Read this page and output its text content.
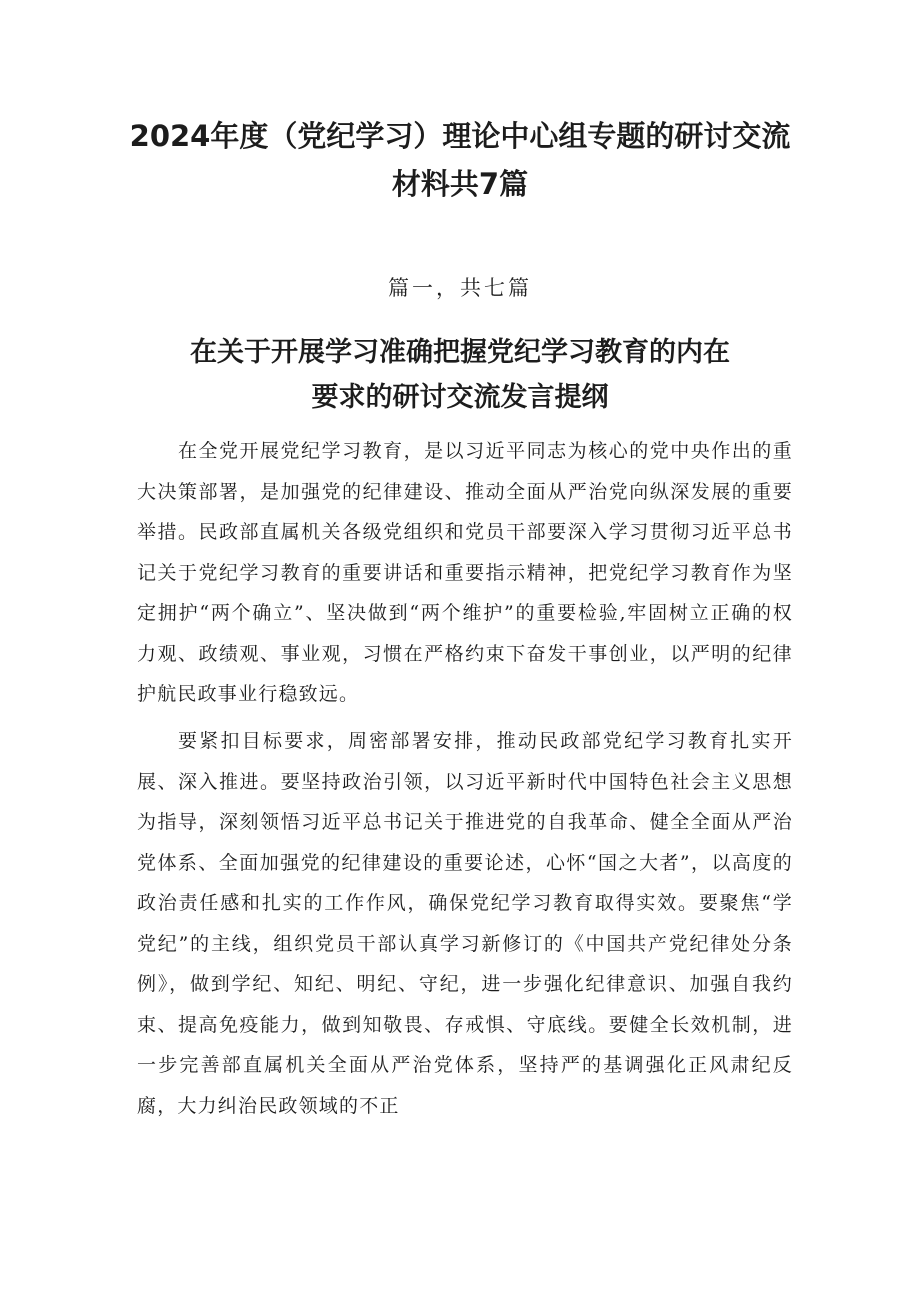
2024年度（党纪学习）理论中心组专题的研讨交流
材料共7篇
篇一，共七篇
在关于开展学习准确把握党纪学习教育的内在
要求的研讨交流发言提纲

在全党开展党纪学习教育，是以习近平同志为核心的党中央作出的重大决策部署，是加强党的纪律建设、推动全面从严治党向纵深发展的重要举措。民政部直属机关各级党组织和党员干部要深入学习贯彻习近平总书记关于党纪学习教育的重要讲话和重要指示精神，把党纪学习教育作为坚定拥护“两个确立”、坚决做到“两个维护”的重要检验,牢固树立正确的权力观、政绩观、事业观，习惯在严格约束下奋发干事创业，以严明的纪律护航民政事业行稳致远。

要紧扣目标要求，周密部署安排，推动民政部党纪学习教育扎实开展、深入推进。要坚持政治引领，以习近平新时代中国特色社会主义思想为指导，深刻领悟习近平总书记关于推进党的自我革命、健全全面从严治党体系、全面加强党的纪律建设的重要论述，心怀“国之大者”，以高度的政治责任感和扎实的工作作风，确保党纪学习教育取得实效。要聚焦“学党纪”的主线，组织党员干部认真学习新修订的《中国共产党纪律处分条例》，做到学纪、知纪、明纪、守纪，进一步强化纪律意识、加强自我约束、提高免疫能力，做到知敬畏、存戒惧、守底线。要健全长效机制，进一步完善部直属机关全面从严治党体系，坚持严的基调强化正风肃纪反腐，大力纠治民政领域的不正
